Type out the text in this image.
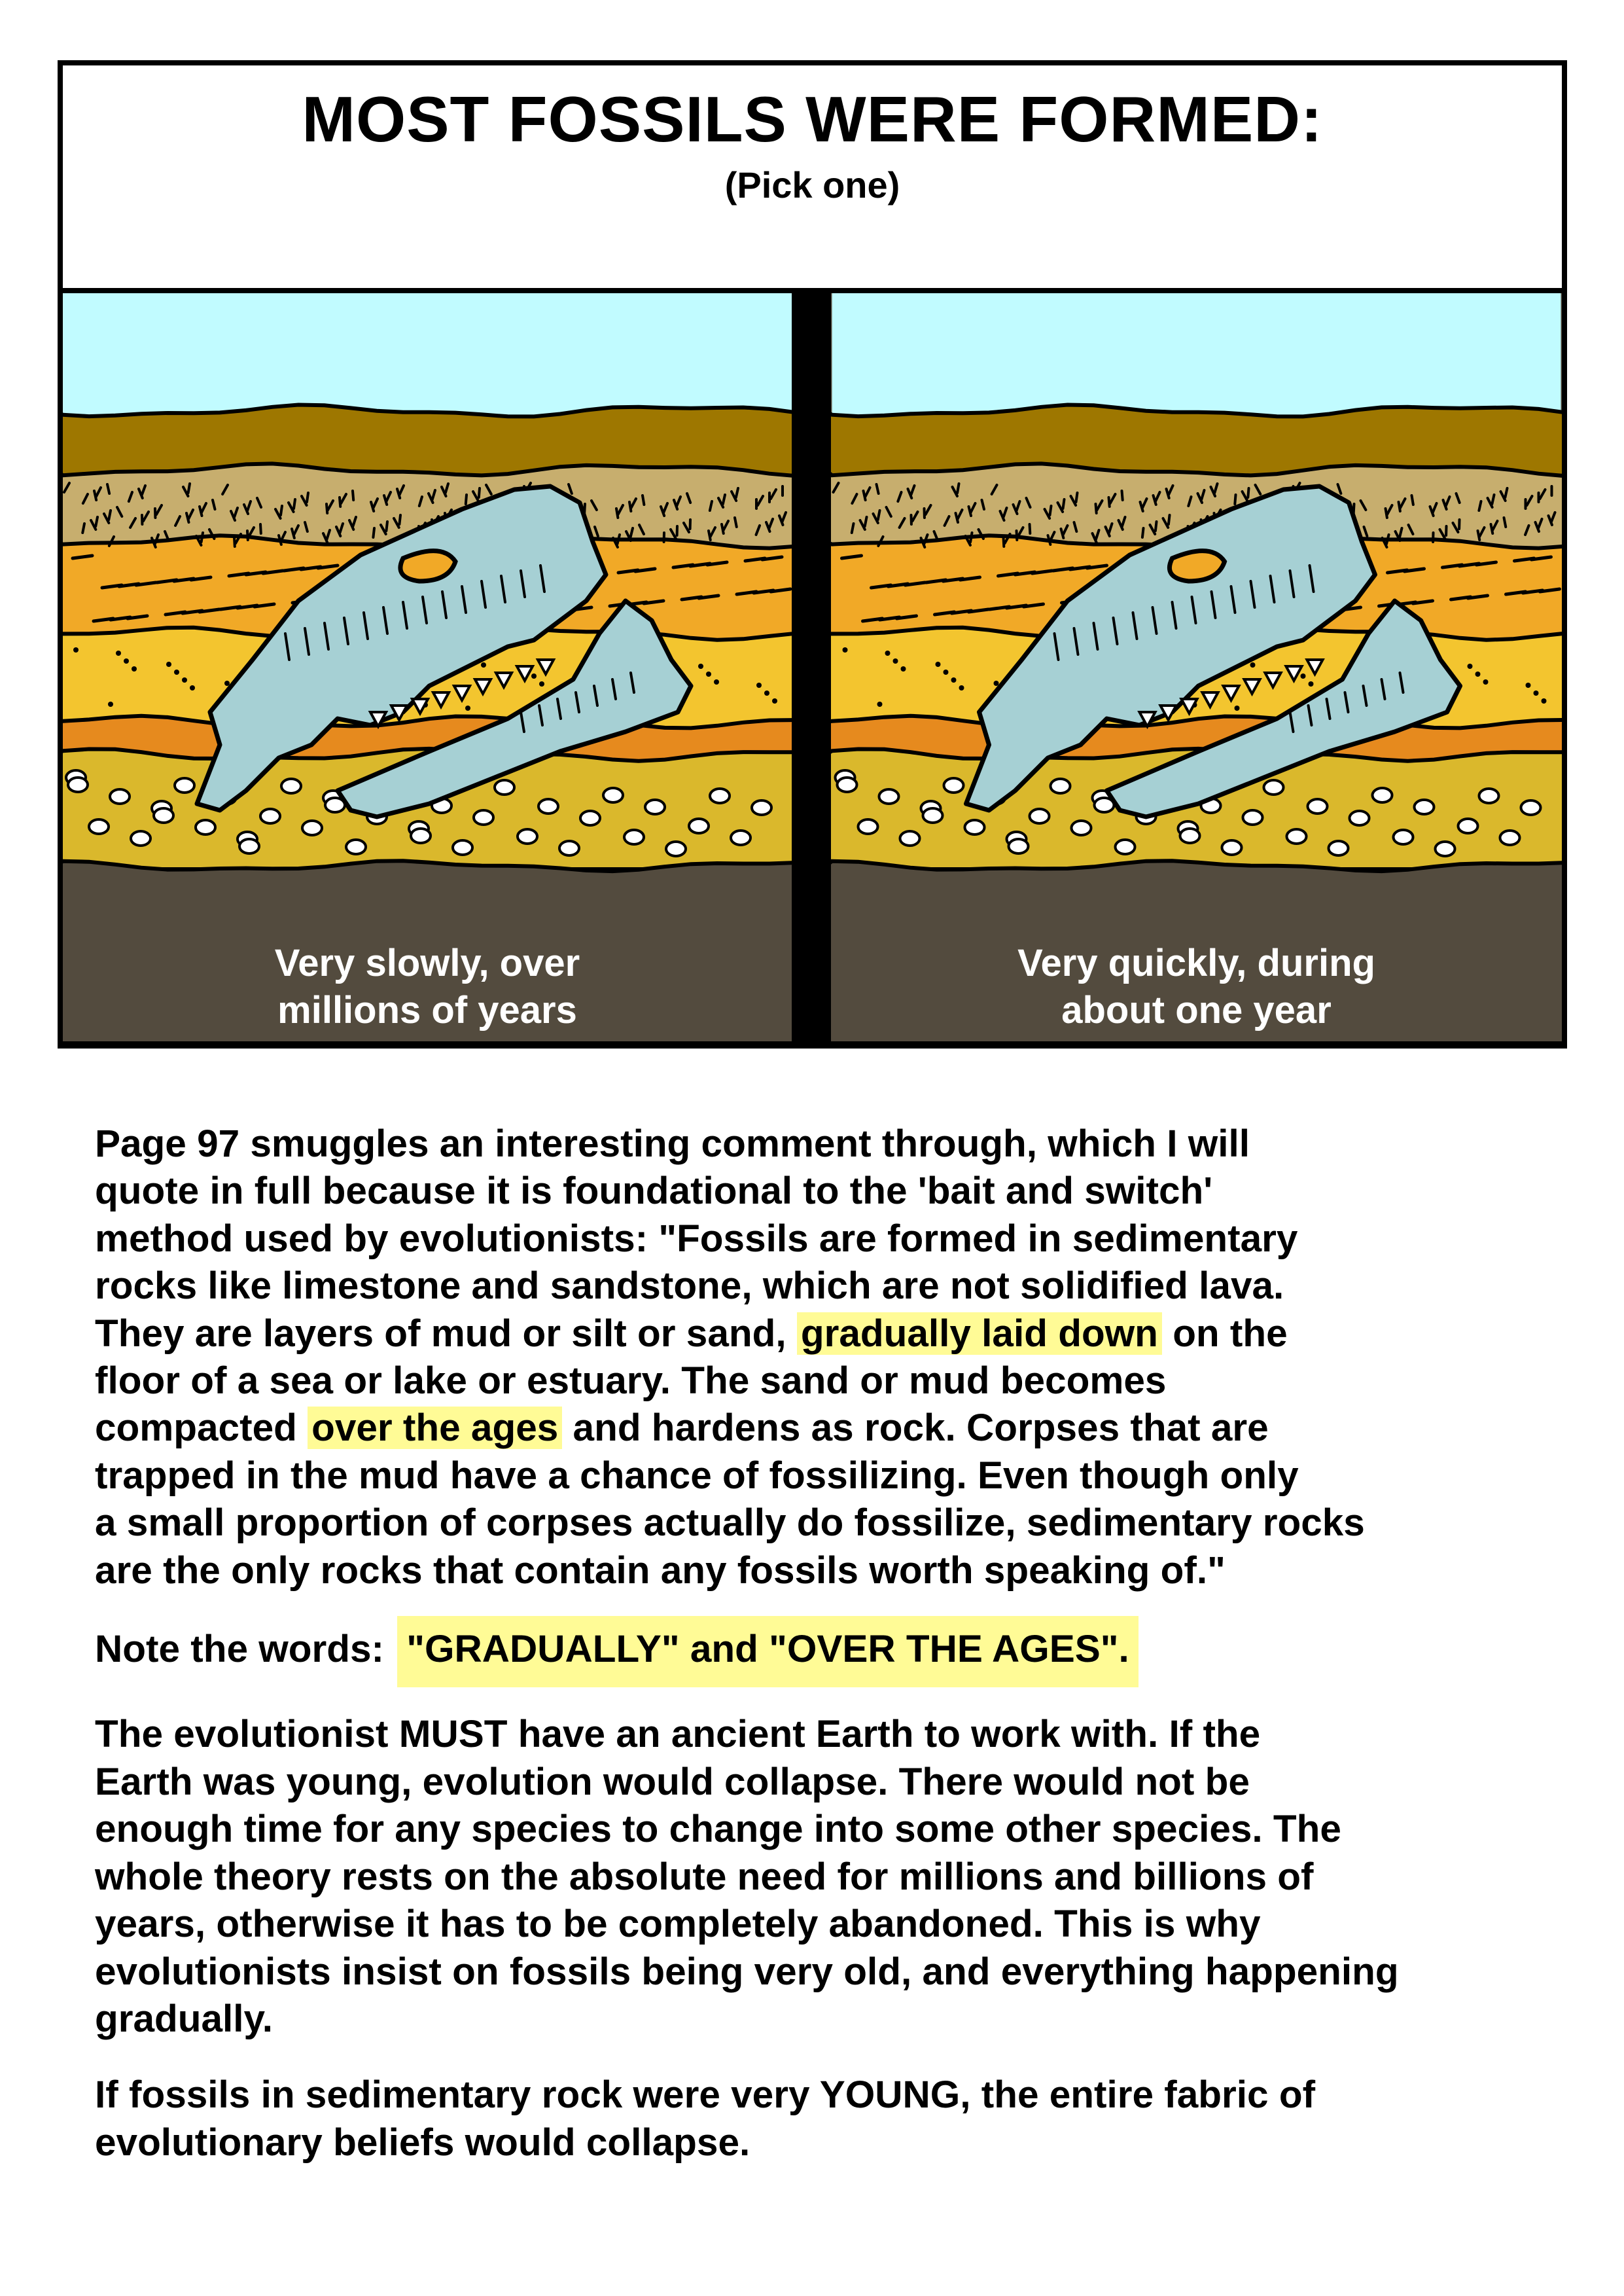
MOST FOSSILS WERE FORMED:
(Pick one)
Very slowly, over
millions of years
Very quickly, during
about one year

Page 97 smuggles an interesting comment through, which I will
quote in full because it is foundational to the 'bait and switch'
method used by evolutionists: "Fossils are formed in sedimentary
rocks like limestone and sandstone, which are not solidified lava.
They are layers of mud or silt or sand, gradually laid down on the
floor of a sea or lake or estuary. The sand or mud becomes
compacted over the ages and hardens as rock. Corpses that are
trapped in the mud have a chance of fossilizing. Even though only
a small proportion of corpses actually do fossilize, sedimentary rocks
are the only rocks that contain any fossils worth speaking of."

Note the words: "GRADUALLY" and "OVER THE AGES".

The evolutionist MUST have an ancient Earth to work with. If the
Earth was young, evolution would collapse. There would not be
enough time for any species to change into some other species. The
whole theory rests on the absolute need for millions and billions of
years, otherwise it has to be completely abandoned. This is why
evolutionists insist on fossils being very old, and everything happening
gradually.

If fossils in sedimentary rock were very YOUNG, the entire fabric of
evolutionary beliefs would collapse.
